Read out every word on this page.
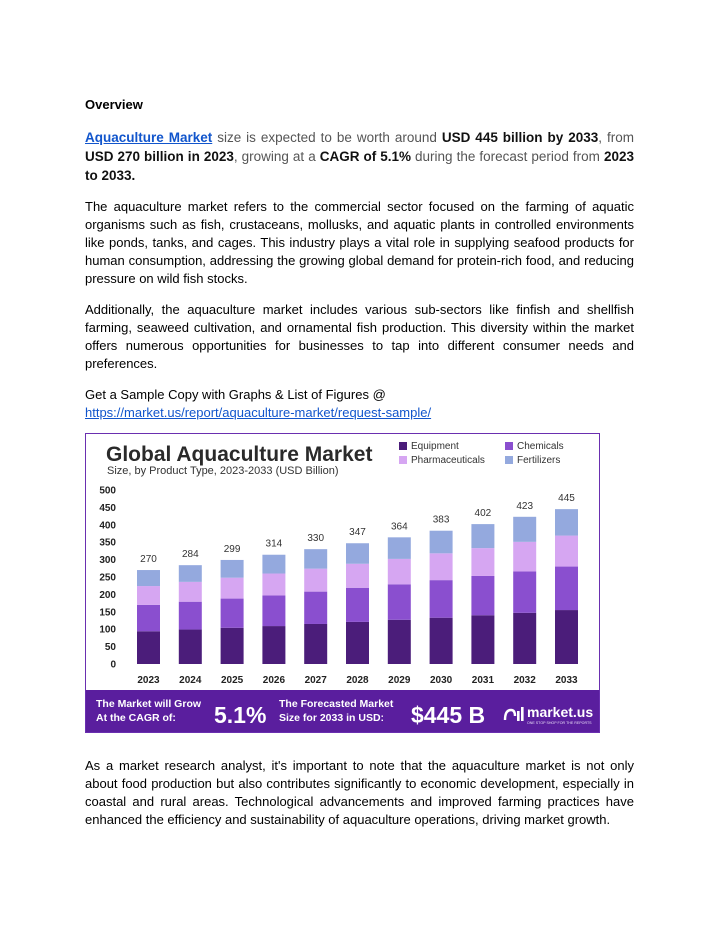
Overview

Aquaculture Market size is expected to be worth around USD 445 billion by 2033, from USD 270 billion in 2023, growing at a CAGR of 5.1% during the forecast period from 2023 to 2033.

The aquaculture market refers to the commercial sector focused on the farming of aquatic organisms such as fish, crustaceans, mollusks, and aquatic plants in controlled environments like ponds, tanks, and cages. This industry plays a vital role in supplying seafood products for human consumption, addressing the growing global demand for protein-rich food, and reducing pressure on wild fish stocks.

Additionally, the aquaculture market includes various sub-sectors like finfish and shellfish farming, seaweed cultivation, and ornamental fish production. This diversity within the market offers numerous opportunities for businesses to tap into different consumer needs and preferences.

Get a Sample Copy with Graphs & List of Figures @
https://market.us/report/aquaculture-market/request-sample/

Global Aquaculture Market
Size, by Product Type, 2023-2033 (USD Billion)
Equipment	Chemicals
Pharmaceuticals	Fertilizers
0
50
100
150
200
250
300
350
400
450
500
270	284	299	314
330
347
364
383
402
423
445
2023 2024 2025 2026 2027 2028 2029 2030 2031 2032 2033
The Market will Grow
At the CAGR of: 5.1% The Forecasted Market
Size for 2033 in USD: $445 B	market.us
ONE STOP SHOP FOR THE REPORTS

As a market research analyst, it's important to note that the aquaculture market is not only about food production but also contributes significantly to economic development, especially in coastal and rural areas. Technological advancements and improved farming practices have enhanced the efficiency and sustainability of aquaculture operations, driving market growth.
